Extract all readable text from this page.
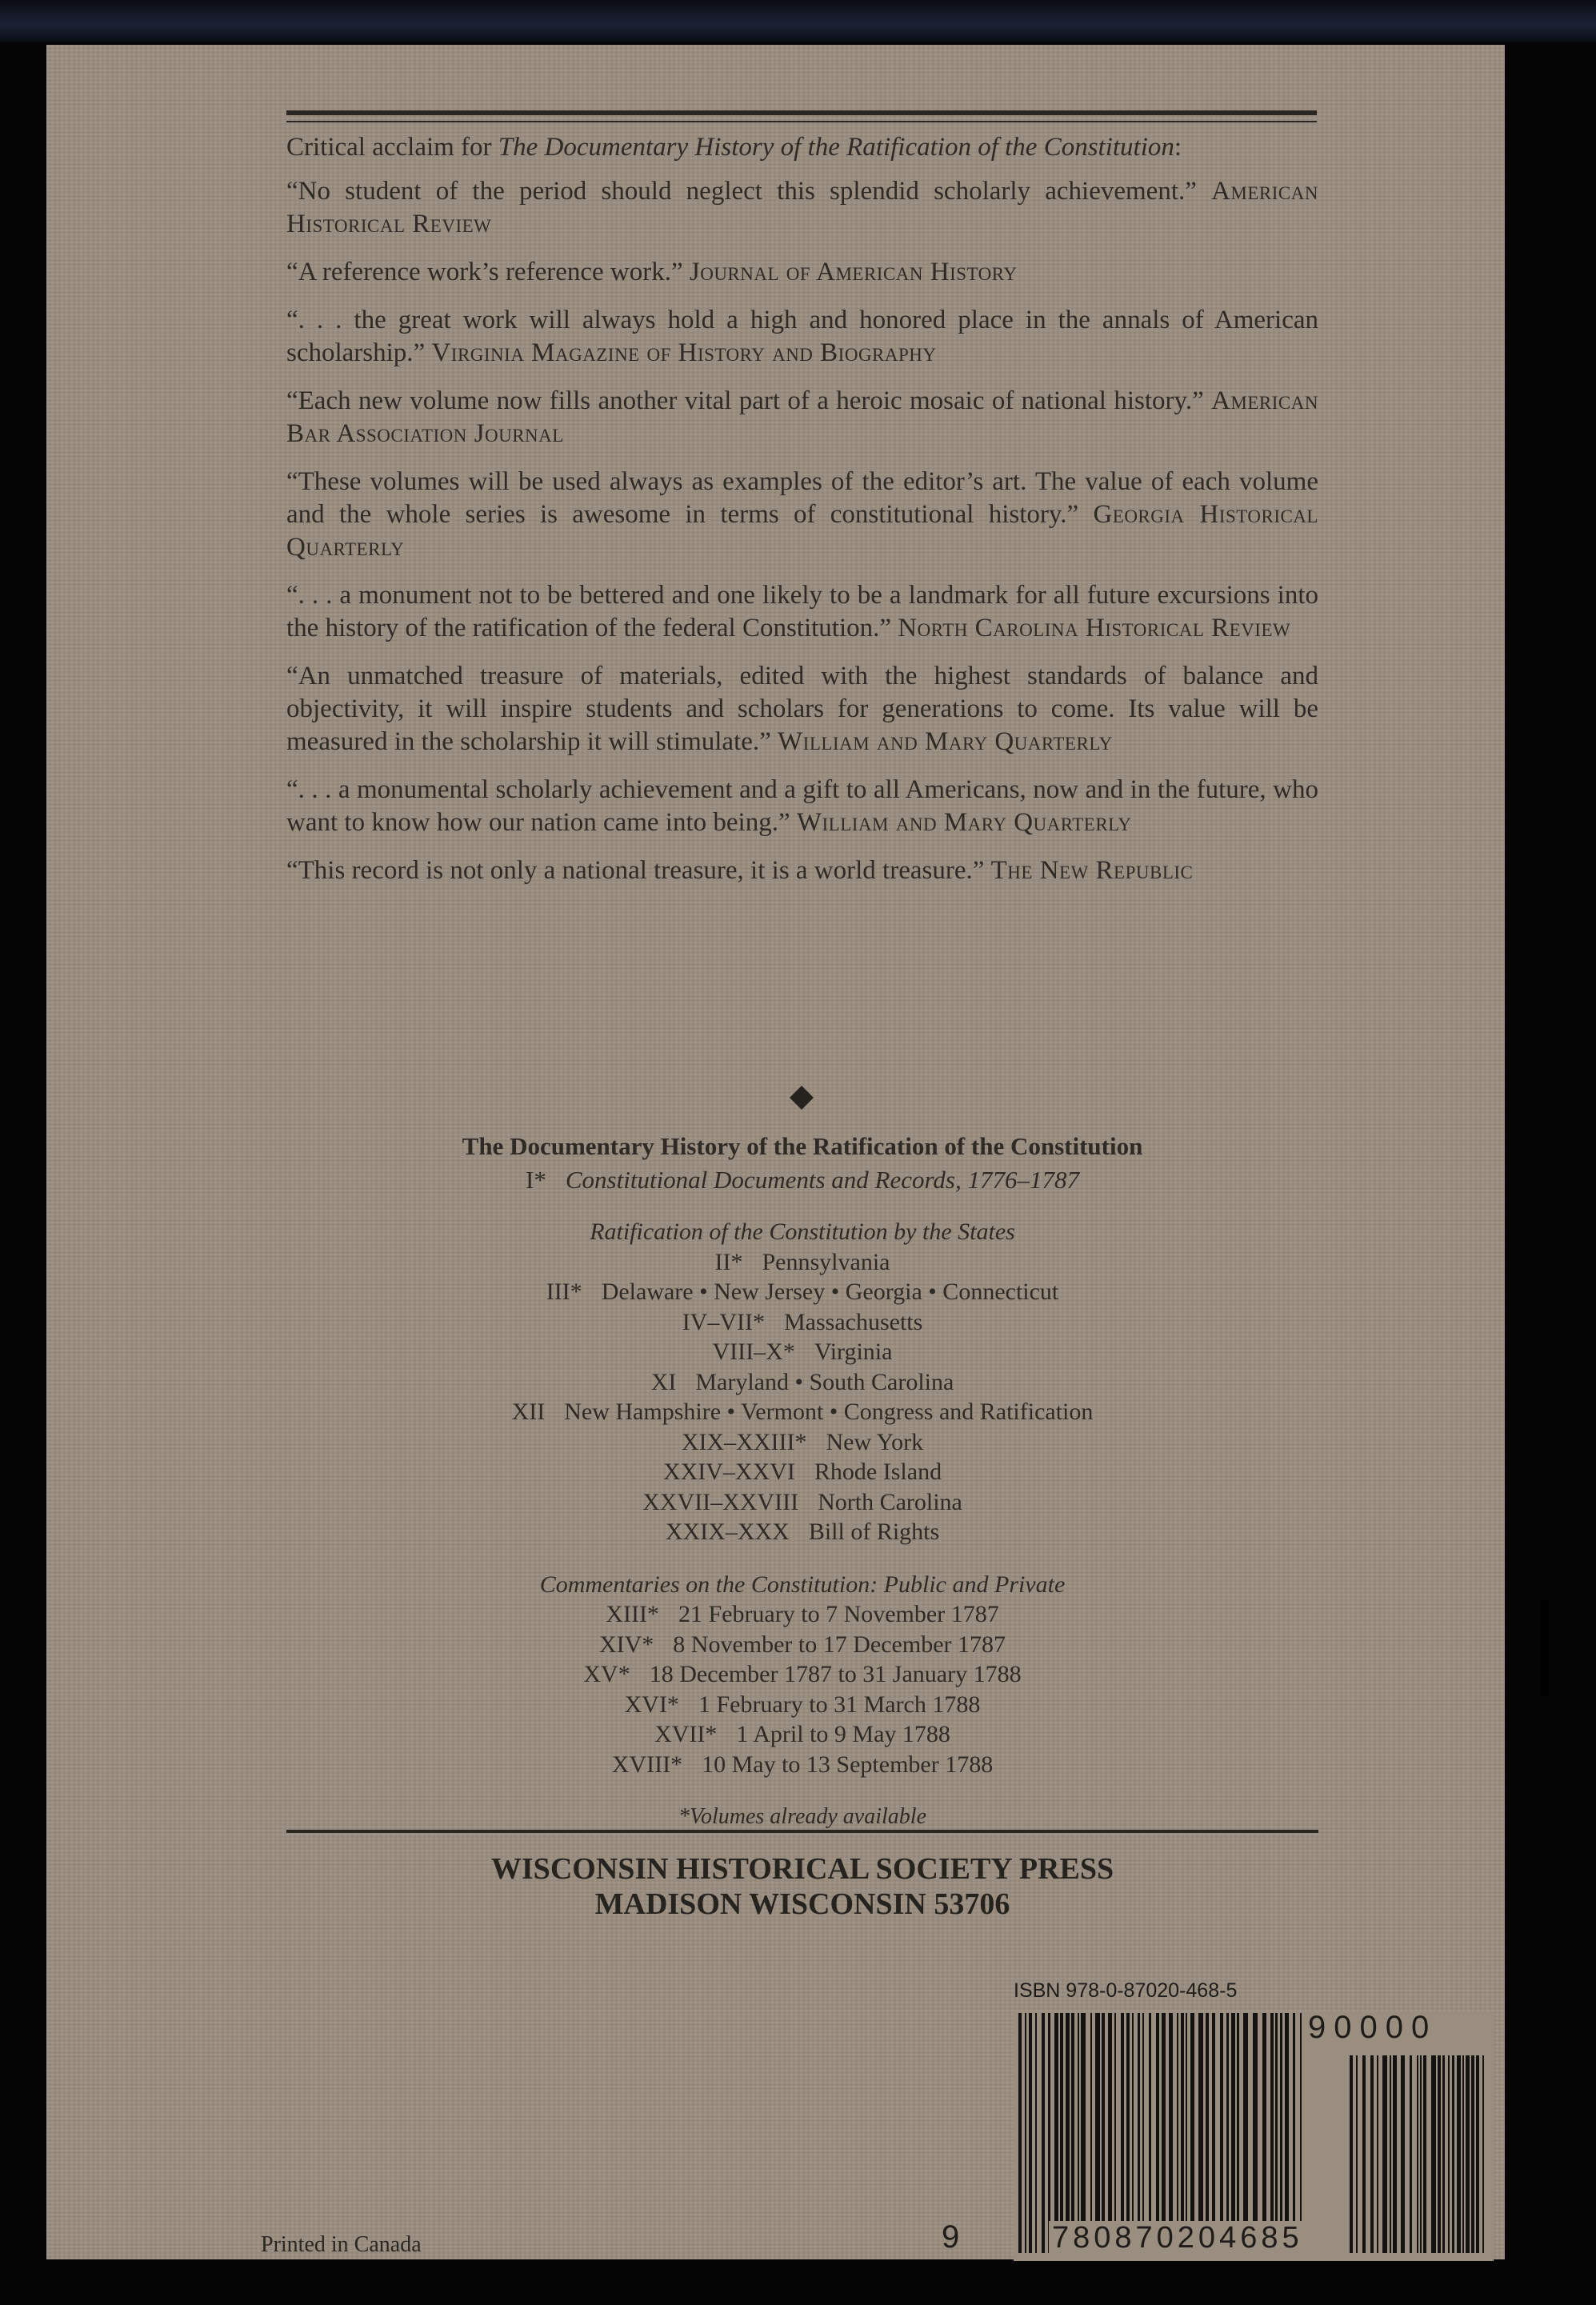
Critical acclaim for The Documentary History of the Ratification of the Constitution:

“No student of the period should neglect this splendid scholarly achievement.” American Historical Review

“A reference work’s reference work.” Journal of American History

“. . . the great work will always hold a high and honored place in the annals of American scholarship.” Virginia Magazine of History and Biography

“Each new volume now fills another vital part of a heroic mosaic of national history.” American Bar Association Journal

“These volumes will be used always as examples of the editor’s art. The value of each volume and the whole series is awesome in terms of constitutional history.” Georgia Historical Quarterly

“. . . a monument not to be bettered and one likely to be a landmark for all future excursions into the history of the ratification of the federal Constitution.” North Carolina Historical Review

“An unmatched treasure of materials, edited with the highest standards of balance and objectivity, it will inspire students and scholars for generations to come. Its value will be measured in the scholarship it will stimulate.” William and Mary Quarterly

“. . . a monumental scholarly achievement and a gift to all Americans, now and in the future, who want to know how our nation came into being.” William and Mary Quarterly

“This record is not only a national treasure, it is a world treasure.” The New Republic

The Documentary History of the Ratification of the Constitution
I* Constitutional Documents and Records, 1776–1787
Ratification of the Constitution by the States
II* Pennsylvania
III* Delaware • New Jersey • Georgia • Connecticut
IV–VII* Massachusetts
VIII–X* Virginia
XI Maryland • South Carolina
XII New Hampshire • Vermont • Congress and Ratification
XIX–XXIII* New York
XXIV–XXVI Rhode Island
XXVII–XXVIII North Carolina
XXIX–XXX Bill of Rights
Commentaries on the Constitution: Public and Private
XIII* 21 February to 7 November 1787
XIV* 8 November to 17 December 1787
XV* 18 December 1787 to 31 January 1788
XVI* 1 February to 31 March 1788
XVII* 1 April to 9 May 1788
XVIII* 10 May to 13 September 1788
*Volumes already available
WISCONSIN HISTORICAL SOCIETY PRESS
MADISON WISCONSIN 53706
ISBN 978-0-87020-468-5
9	780870204685
90000
Printed in Canada
